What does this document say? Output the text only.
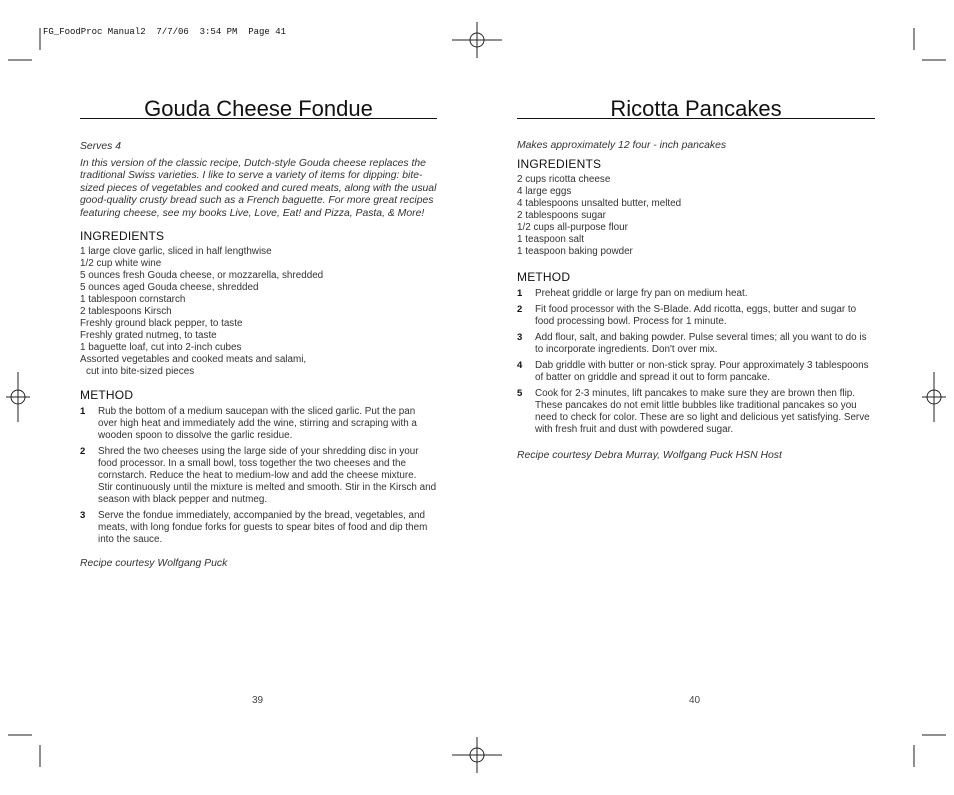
FG_FoodProc Manual2  7/7/06  3:54 PM  Page 41
Gouda Cheese Fondue
Serves 4
In this version of the classic recipe, Dutch-style Gouda cheese replaces the traditional Swiss varieties. I like to serve a variety of items for dipping: bite-sized pieces of vegetables and cooked and cured meats, along with the usual good-quality crusty bread such as a French baguette. For more great recipes featuring cheese, see my books Live, Love, Eat! and Pizza, Pasta, & More!
INGREDIENTS
1 large clove garlic, sliced in half lengthwise
1/2 cup white wine
5 ounces fresh Gouda cheese, or mozzarella, shredded
5 ounces aged Gouda cheese, shredded
1 tablespoon cornstarch
2 tablespoons Kirsch
Freshly ground black pepper, to taste
Freshly grated nutmeg, to taste
1 baguette loaf, cut into 2-inch cubes
Assorted vegetables and cooked meats and salami,
cut into bite-sized pieces
METHOD
1	Rub the bottom of a medium saucepan with the sliced garlic. Put the pan over high heat and immediately add the wine, stirring and scraping with a wooden spoon to dissolve the garlic residue.
2	Shred the two cheeses using the large side of your shredding disc in your food processor. In a small bowl, toss together the two cheeses and the cornstarch. Reduce the heat to medium-low and add the cheese mixture.
Stir continuously until the mixture is melted and smooth. Stir in the Kirsch and season with black pepper and nutmeg.
3	Serve the fondue immediately, accompanied by the bread, vegetables, and meats, with long fondue forks for guests to spear bites of food and dip them into the sauce.
Recipe courtesy Wolfgang Puck
39
Ricotta Pancakes
Makes approximately 12 four - inch pancakes
INGREDIENTS
2 cups ricotta cheese
4 large eggs
4 tablespoons unsalted butter, melted
2 tablespoons sugar
1/2 cups all-purpose flour
1 teaspoon salt
1 teaspoon baking powder
METHOD
1	Preheat griddle or large fry pan on medium heat.
2	Fit food processor with the S-Blade. Add ricotta, eggs, butter and sugar to food processing bowl. Process for 1 minute.
3	Add flour, salt, and baking powder. Pulse several times; all you want to do is to incorporate ingredients. Don't over mix.
4	Dab griddle with butter or non-stick spray. Pour approximately 3 tablespoons of batter on griddle and spread it out to form pancake.
5	Cook for 2-3 minutes, lift pancakes to make sure they are brown then flip. These pancakes do not emit little bubbles like traditional pancakes so you need to check for color. These are so light and delicious yet satisfying. Serve with fresh fruit and dust with powdered sugar.
Recipe courtesy Debra Murray, Wolfgang Puck HSN Host
40
